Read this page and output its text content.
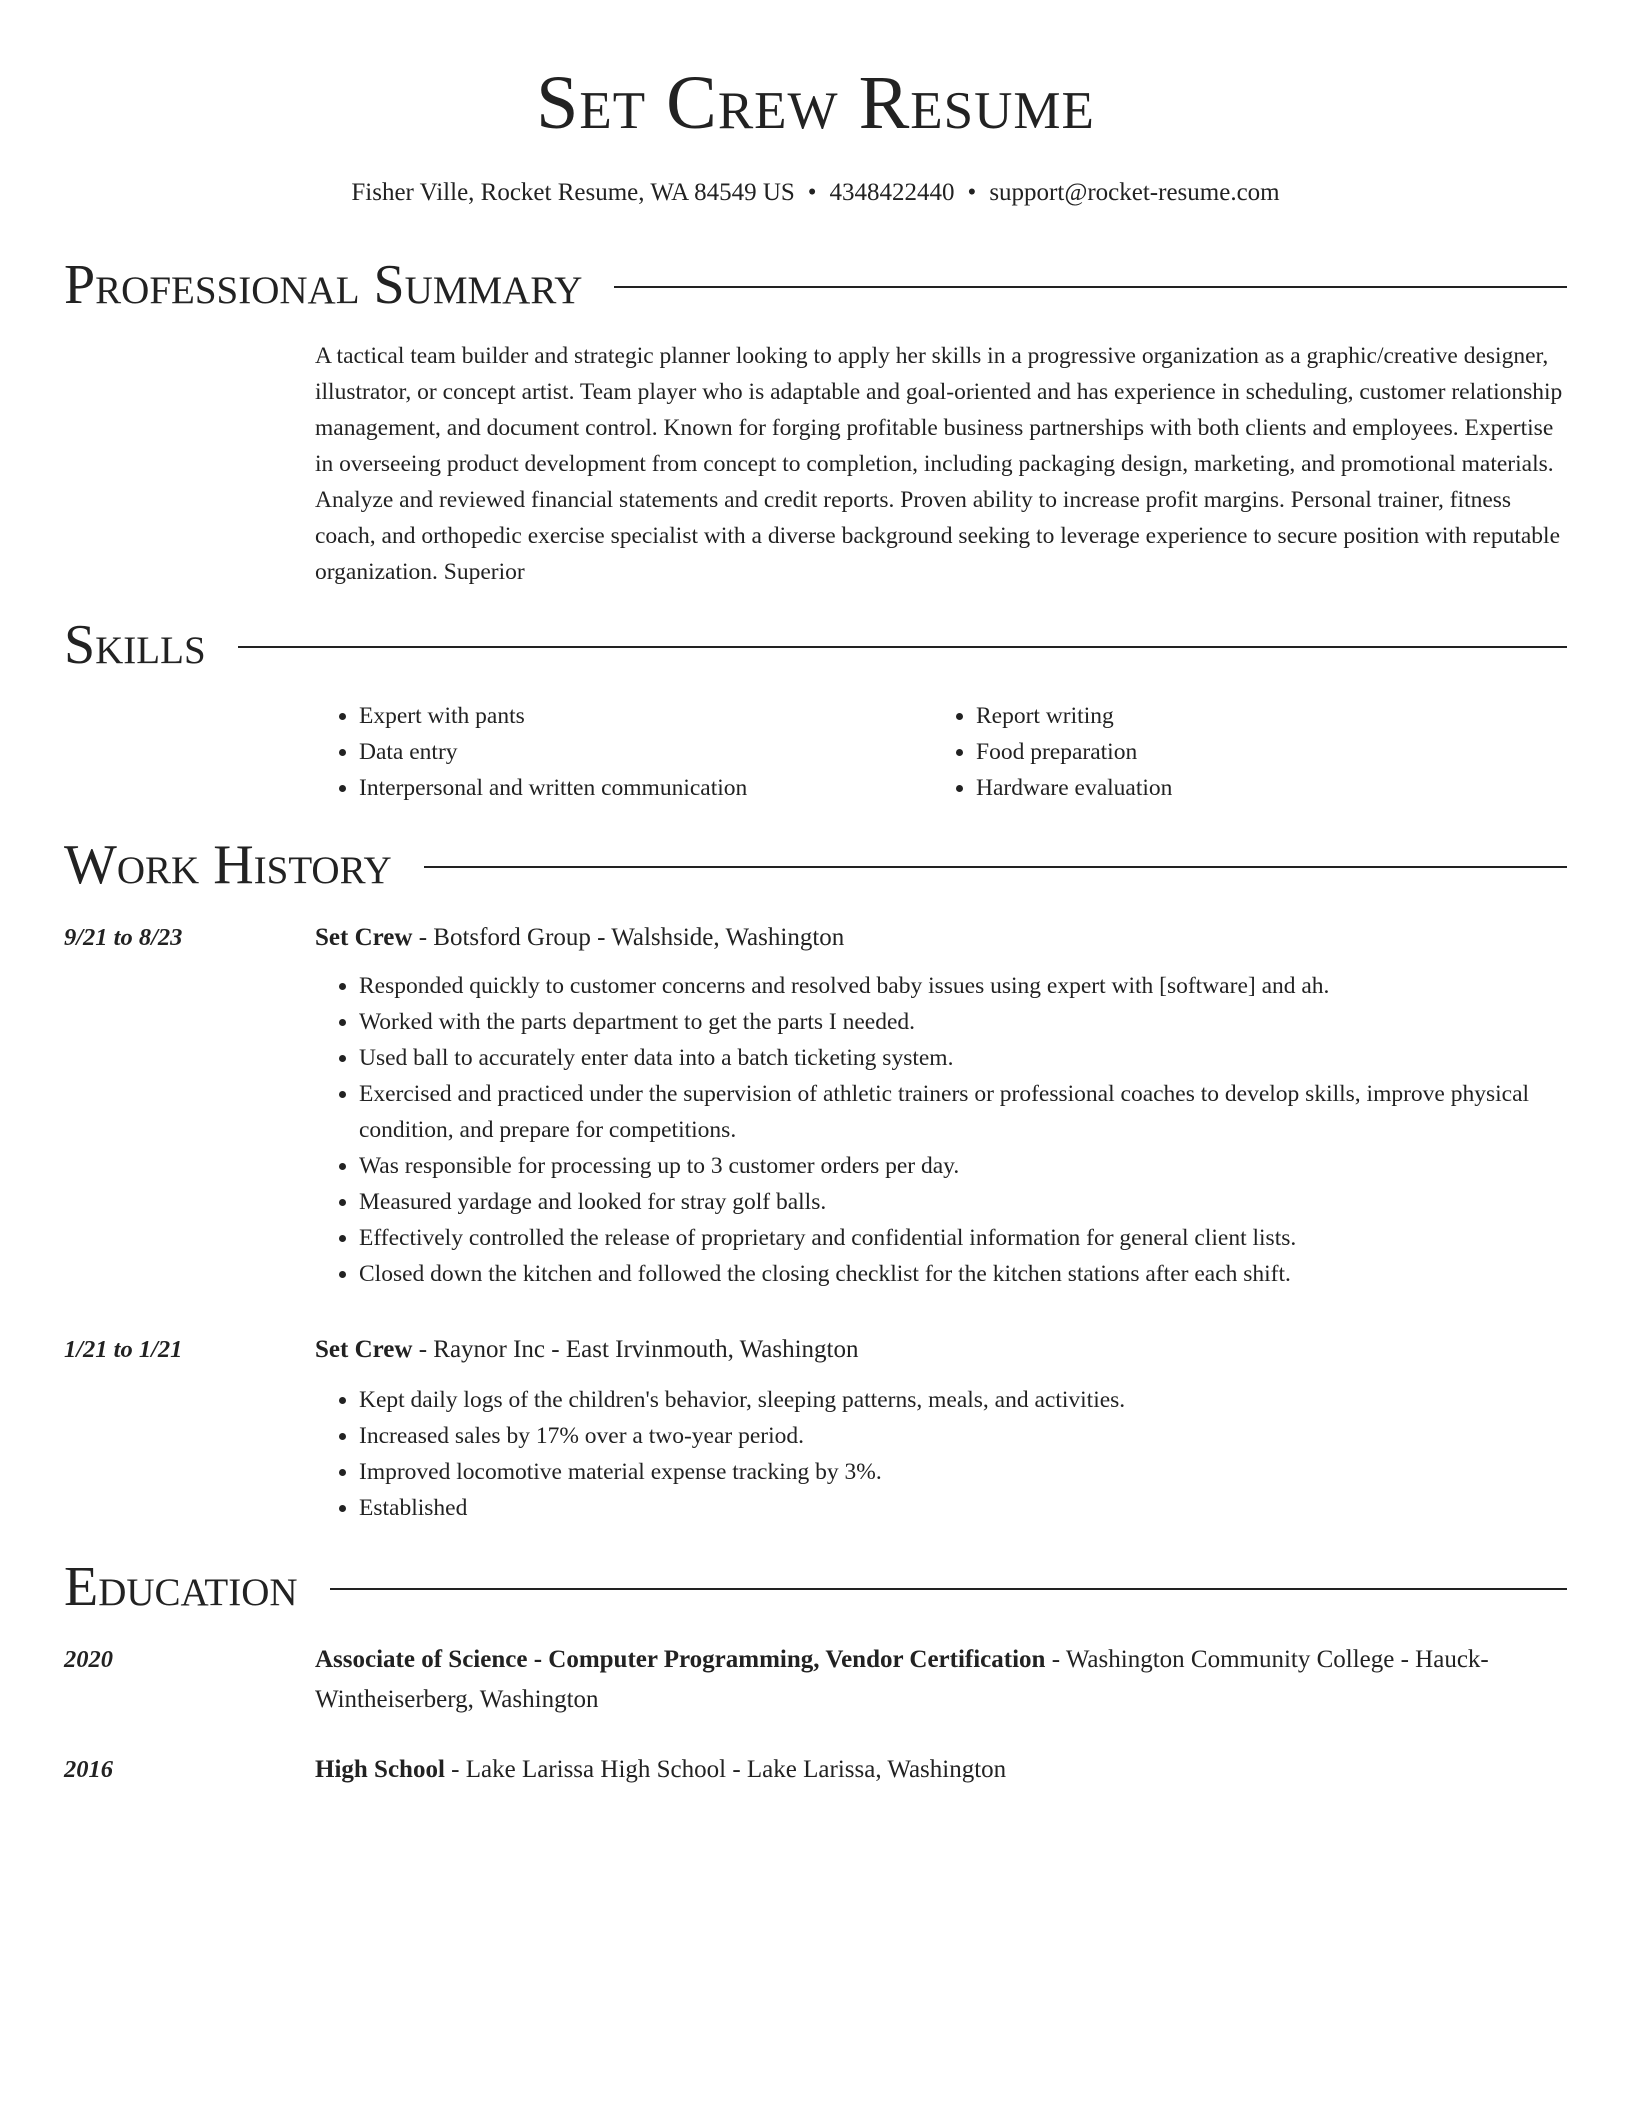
Set Crew Resume
Fisher Ville, Rocket Resume, WA 84549 US • 4348422440 • support@rocket-resume.com
Professional Summary

A tactical team builder and strategic planner looking to apply her skills in a progressive organization as a graphic/creative designer, illustrator, or concept artist. Team player who is adaptable and goal-oriented and has experience in scheduling, customer relationship management, and document control. Known for forging profitable business partnerships with both clients and employees. Expertise in overseeing product development from concept to completion, including packaging design, marketing, and promotional materials. Analyze and reviewed financial statements and credit reports. Proven ability to increase profit margins. Personal trainer, fitness coach, and orthopedic exercise specialist with a diverse background seeking to leverage experience to secure position with reputable organization. Superior

Skills
• Expert with pants
• Data entry
• Interpersonal and written communication
• Report writing
• Food preparation
• Hardware evaluation
Work History
9/21 to 8/23	Set Crew - Botsford Group - Walshside, Washington

• Responded quickly to customer concerns and resolved baby issues using expert with [software] and ah.
• Worked with the parts department to get the parts I needed.
• Used ball to accurately enter data into a batch ticketing system.
• Exercised and practiced under the supervision of athletic trainers or professional coaches to develop skills, improve physical condition, and prepare for competitions.
• Was responsible for processing up to 3 customer orders per day.
• Measured yardage and looked for stray golf balls.
• Effectively controlled the release of proprietary and confidential information for general client lists.
• Closed down the kitchen and followed the closing checklist for the kitchen stations after each shift.
1/21 to 1/21	Set Crew - Raynor Inc - East Irvinmouth, Washington

• Kept daily logs of the children's behavior, sleeping patterns, meals, and activities.
• Increased sales by 17% over a two-year period.
• Improved locomotive material expense tracking by 3%.
• Established
Education
2020	Associate of Science - Computer Programming, Vendor Certification - Washington Community College - Hauck-Wintheiserberg, Washington

2016	High School - Lake Larissa High School - Lake Larissa, Washington
